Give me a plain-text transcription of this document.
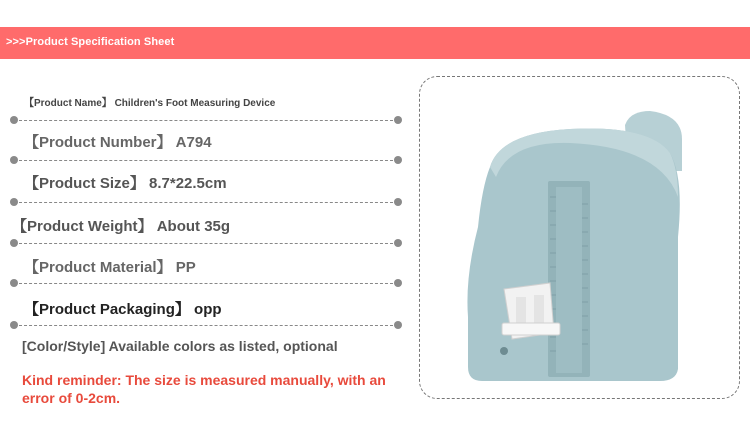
>>>Product Specification Sheet
【Product Name】 Children's Foot Measuring Device
【Product Number】 A794
【Product Size】 8.7*22.5cm
【Product Weight】 About 35g
【Product Material】 PP
【Product Packaging】 opp
[Color/Style] Available colors as listed, optional
Kind reminder: The size is measured manually, with an error of 0-2cm.
